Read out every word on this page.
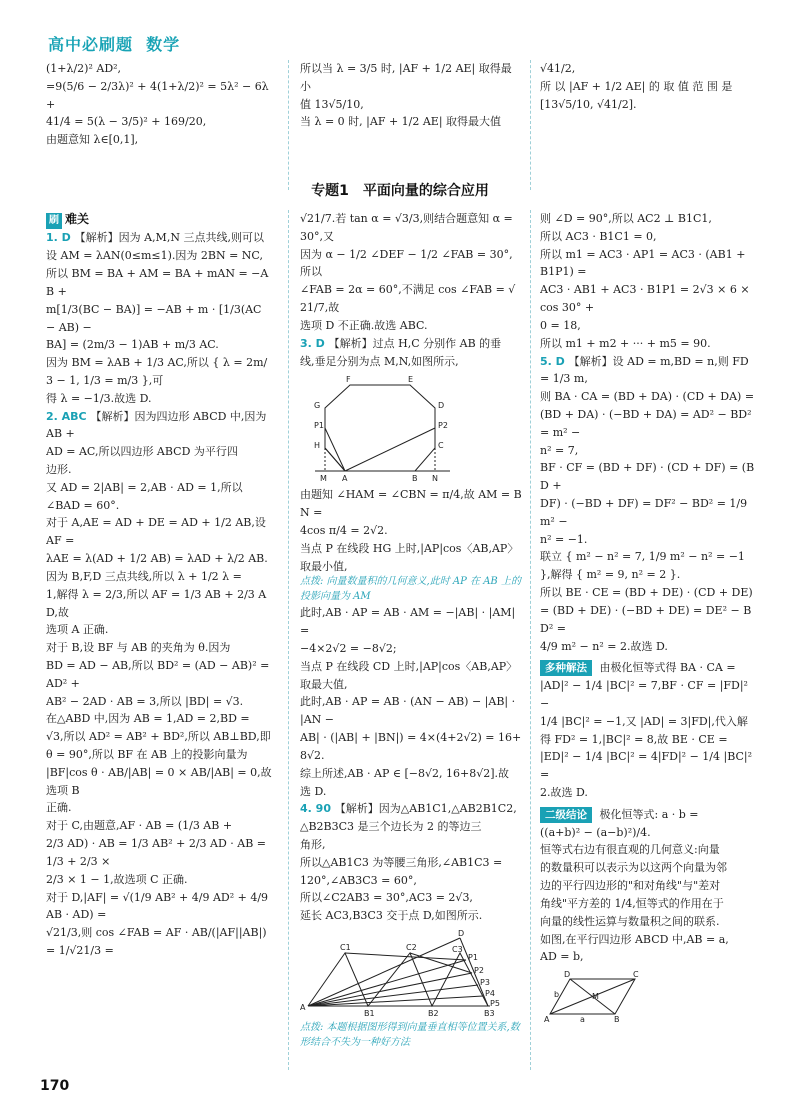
高中必刷题 数学
(1+λ/2)² AD²,
=9(5/6 − 2/3λ)² + 4(1+λ/2)² = 5λ² − 6λ +
41/4 = 5(λ − 3/5)² + 169/20,
由题意知 λ∈[0,1],
所以当 λ = 3/5 时, |AF + 1/2 AE| 取得最小
值 13√5/10,
当 λ = 0 时, |AF + 1/2 AE| 取得最大值
√41/2,
所 以 |AF + 1/2 AE| 的 取 值 范 围 是
[13√5/10, √41/2].
专题1　平面向量的综合应用
刷 难关
1. D 【解析】因为 A,M,N 三点共线,则可以
设 AM = λAN(0≤m≤1).因为 2BN = NC,
所以 BM = BA + AM = BA + mAN = −AB +
m[1/3(BC − BA)] = −AB + m · [1/3(AC − AB) −
BA] = (2m/3 − 1)AB + m/3 AC.
因为 BM = λAB + 1/3 AC,所以 { λ = 2m/3 − 1, 1/3 = m/3 },可
得 λ = −1/3.故选 D.
2. ABC 【解析】因为四边形 ABCD 中,因为 AB +
AD = AC,所以四边形 ABCD 为平行四
边形.
又 AD = 2|AB| = 2,AB · AD = 1,所以
∠BAD = 60°.
对于 A,AE = AD + DE = AD + 1/2 AB,设 AF =
λAE = λ(AD + 1/2 AB) = λAD + λ/2 AB.
因为 B,F,D 三点共线,所以 λ + 1/2 λ =
1,解得 λ = 2/3,所以 AF = 1/3 AB + 2/3 AD,故
选项 A 正确.
对于 B,设 BF 与 AB 的夹角为 θ.因为
BD = AD − AB,所以 BD² = (AD − AB)² = AD² +
AB² − 2AD · AB = 3,所以 |BD| = √3.
在△ABD 中,因为 AB = 1,AD = 2,BD =
√3,所以 AD² = AB² + BD²,所以 AB⊥BD,即
θ = 90°,所以 BF 在 AB 上的投影向量为
|BF|cos θ · AB/|AB| = 0 × AB/|AB| = 0,故选项 B
正确.
对于 C,由题意,AF · AB = (1/3 AB +
2/3 AD) · AB = 1/3 AB² + 2/3 AD · AB = 1/3 + 2/3 ×
2/3 × 1 − 1,故选项 C 正确.
对于 D,|AF| = √(1/9 AB² + 4/9 AD² + 4/9 AB · AD) =
√21/3,则 cos ∠FAB = AF · AB/(|AF||AB|) = 1/√21/3 =
√21/7.若 tan α = √3/3,则结合题意知 α = 30°,又
因为 α − 1/2 ∠DEF − 1/2 ∠FAB = 30°,所以
∠FAB = 2α = 60°,不满足 cos ∠FAB = √21/7,故
选项 D 不正确.故选 ABC.
3. D 【解析】过点 H,C 分别作 AB 的垂
线,垂足分别为点 M,N,如图所示,
F	E
G	D
P1	P2
H	C
M A	B N
由题知 ∠HAM = ∠CBN = π/4,故 AM = BN =
4cos π/4 = 2√2.
当点 P 在线段 HG 上时,|AP|cos〈AB,AP〉
取最小值,
点拨: 向量数量积的几何意义,此时 AP 在 AB 上的投影向量为 AM
此时,AB · AP = AB · AM = −|AB| · |AM| =
−4×2√2 = −8√2;
当点 P 在线段 CD 上时,|AP|cos〈AB,AP〉
取最大值,
此时,AB · AP = AB · (AN − AB) − |AB| · |AN −
AB| · (|AB| + |BN|) = 4×(4+2√2) = 16+
8√2.
综上所述,AB · AP ∈ [−8√2, 16+8√2].故
选 D.
4. 90 【解析】因为△AB1C1,△AB2B1C2,
△B2B3C3 是三个边长为 2 的等边三
角形,
所以△AB1C3 为等腰三角形,∠AB1C3 =
120°,∠AB3C3 = 60°,
所以∠C2AB3 = 30°,AC3 = 2√3,
延长 AC3,B3C3 交于点 D,如图所示.
D
C1	C2	C3
P1
P2
P3
P4
P5
A
B1	B2	B3
点拨: 本题根据图形得到向量垂直相等位置关系,数形结合不失为一种好方法
则 ∠D = 90°,所以 AC2 ⊥ B1C1,
所以 AC3 · B1C1 = 0,
所以 m1 = AC3 · AP1 = AC3 · (AB1 + B1P1) =
AC3 · AB1 + AC3 · B1P1 = 2√3 × 6 × cos 30° +
0 = 18,
所以 m1 + m2 + ··· + m5 = 90.
5. D 【解析】设 AD = m,BD = n,则 FD = 1/3 m,
则 BA · CA = (BD + DA) · (CD + DA) =
(BD + DA) · (−BD + DA) = AD² − BD² = m² −
n² = 7,
BF · CF = (BD + DF) · (CD + DF) = (BD +
DF) · (−BD + DF) = DF² − BD² = 1/9 m² −
n² = −1.
联立 { m² − n² = 7, 1/9 m² − n² = −1 },解得 { m² = 9, n² = 2 }.
所以 BE · CE = (BD + DE) · (CD + DE)
= (BD + DE) · (−BD + DE) = DE² − BD² =
4/9 m² − n² = 2.故选 D.
多种解法 由极化恒等式得 BA · CA =
|AD|² − 1/4 |BC|² = 7,BF · CF = |FD|² −
1/4 |BC|² = −1,又 |AD| = 3|FD|,代入解
得 FD² = 1,|BC|² = 8,故 BE · CE =
|ED|² − 1/4 |BC|² = 4|FD|² − 1/4 |BC|² =
2.故选 D.
二级结论 极化恒等式: a · b =
((a+b)² − (a−b)²)/4.
恒等式右边有很直观的几何意义:向量
的数量积可以表示为以这两个向量为邻
边的平行四边形的"和对角线"与"差对
角线"平方差的 1/4,恒等式的作用在于
向量的线性运算与数量积之间的联系.
如图,在平行四边形 ABCD 中,AB = a,
AD = b,
D	C
M
A	B
a
b
170
